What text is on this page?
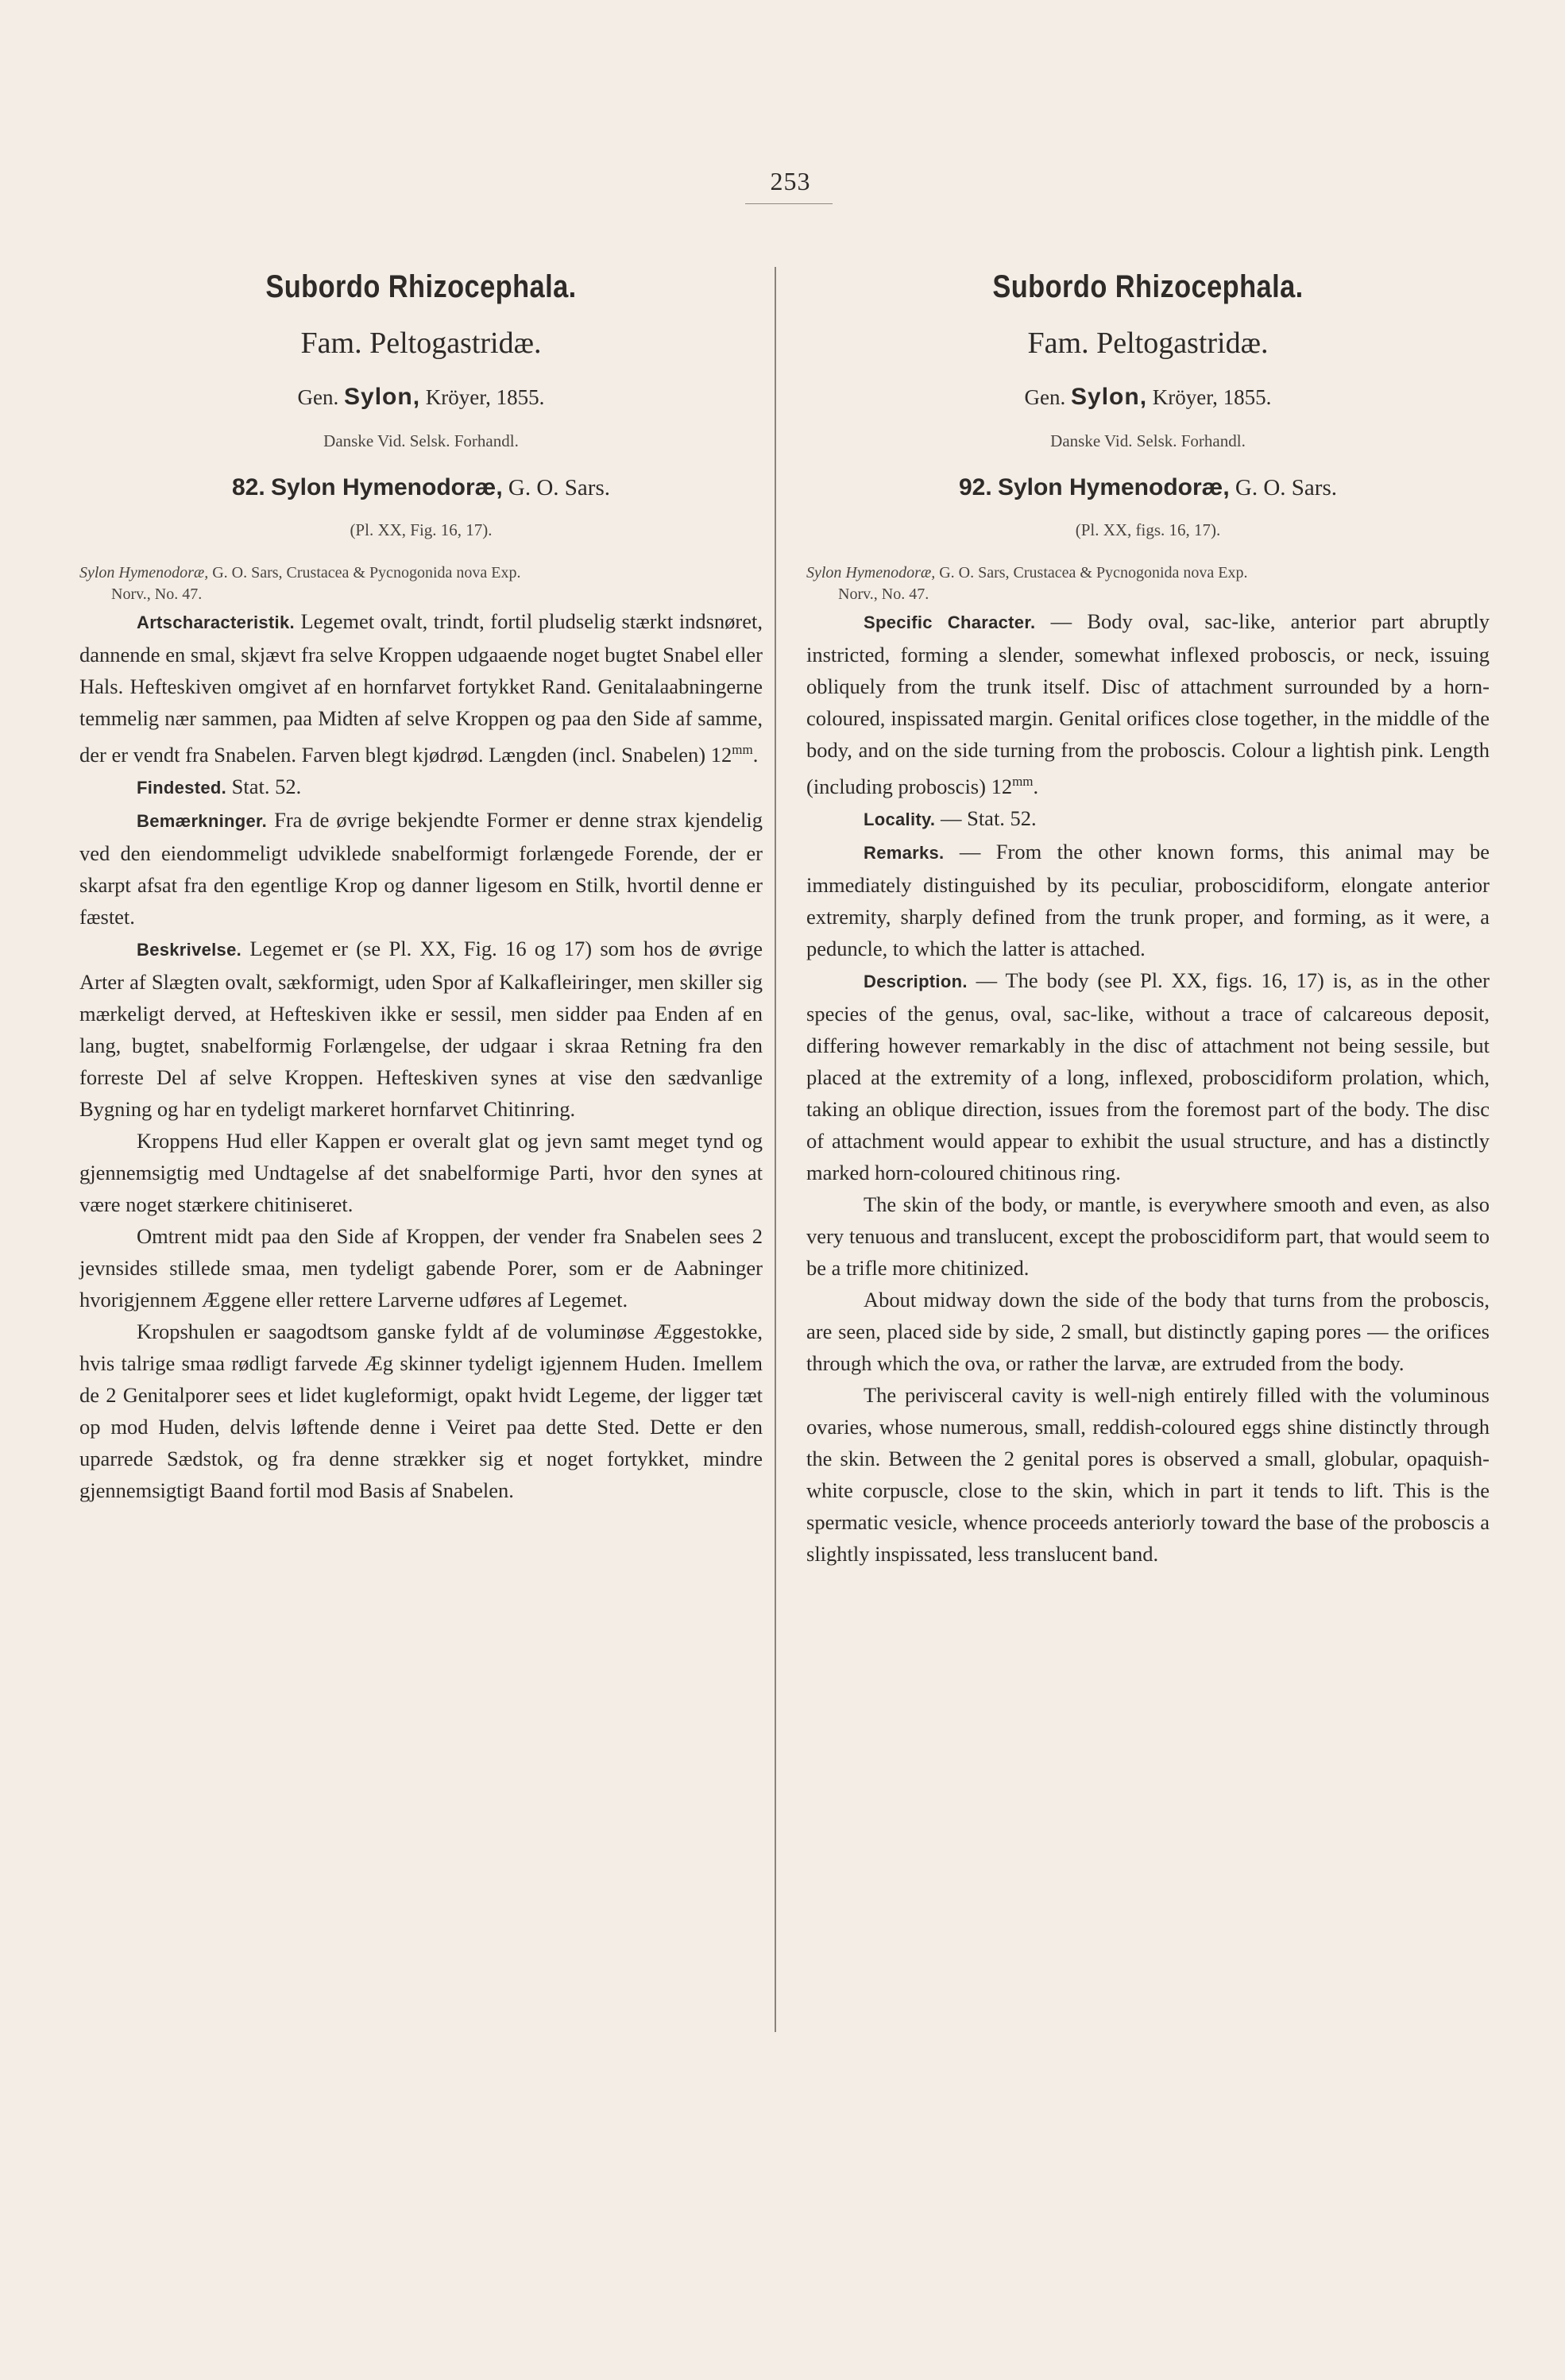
253
Subordo Rhizocephala.
Fam. Peltogastridæ.
Gen. Sylon, Kröyer, 1855.
Danske Vid. Selsk. Forhandl.
82. Sylon Hymenodoræ, G. O. Sars.
(Pl. XX, Fig. 16, 17).
Sylon Hymenodoræ, G. O. Sars, Crustacea & Pycnogonida nova Exp.
Norv., No. 47.

Artscharacteristik. Legemet ovalt, trindt, fortil pludselig stærkt indsnøret, dannende en smal, skjævt fra selve Kroppen udgaaende noget bugtet Snabel eller Hals. Hefteskiven omgivet af en hornfarvet fortykket Rand. Genitalaabningerne temmelig nær sammen, paa Midten af selve Kroppen og paa den Side af samme, der er vendt fra Snabelen. Farven blegt kjødrød. Længden (incl. Snabelen) $12^{mm}$.

Findested. Stat. 52.

Bemærkninger. Fra de øvrige bekjendte Former er denne strax kjendelig ved den eiendommeligt udviklede snabelformigt forlængede Forende, der er skarpt afsat fra den egentlige Krop og danner ligesom en Stilk, hvortil denne er fæstet.

Beskrivelse. Legemet er (se Pl. XX, Fig. 16 og 17) som hos de øvrige Arter af Slægten ovalt, sækformigt, uden Spor af Kalkafleiringer, men skiller sig mærkeligt derved, at Hefteskiven ikke er sessil, men sidder paa Enden af en lang, bugtet, snabelformig Forlængelse, der udgaar i skraa Retning fra den forreste Del af selve Kroppen. Hefteskiven synes at vise den sædvanlige Bygning og har en tydeligt markeret hornfarvet Chitinring.

Kroppens Hud eller Kappen er overalt glat og jevn samt meget tynd og gjennemsigtig med Undtagelse af det snabelformige Parti, hvor den synes at være noget stærkere chitiniseret.

Omtrent midt paa den Side af Kroppen, der vender fra Snabelen sees 2 jevnsides stillede smaa, men tydeligt gabende Porer, som er de Aabninger hvorigjennem Æggene eller rettere Larverne udføres af Legemet.

Kropshulen er saagodtsom ganske fyldt af de voluminøse Æggestokke, hvis talrige smaa rødligt farvede Æg skinner tydeligt igjennem Huden. Imellem de 2 Genitalporer sees et lidet kugleformigt, opakt hvidt Legeme, der ligger tæt op mod Huden, delvis løftende denne i Veiret paa dette Sted. Dette er den uparrede Sædstok, og fra denne strækker sig et noget fortykket, mindre gjennemsigtigt Baand fortil mod Basis af Snabelen.

Subordo Rhizocephala.
Fam. Peltogastridæ.
Gen. Sylon, Kröyer, 1855.
Danske Vid. Selsk. Forhandl.
92. Sylon Hymenodoræ, G. O. Sars.
(Pl. XX, figs. 16, 17).
Sylon Hymenodoræ, G. O. Sars, Crustacea & Pycnogonida nova Exp.
Norv., No. 47.

Specific Character. — Body oval, sac-like, anterior part abruptly instricted, forming a slender, somewhat inflexed proboscis, or neck, issuing obliquely from the trunk itself. Disc of attachment surrounded by a horn-coloured, inspissated margin. Genital orifices close together, in the middle of the body, and on the side turning from the proboscis. Colour a lightish pink. Length (including proboscis) $12^{mm}$.

Locality. — Stat. 52.

Remarks. — From the other known forms, this animal may be immediately distinguished by its peculiar, proboscidiform, elongate anterior extremity, sharply defined from the trunk proper, and forming, as it were, a peduncle, to which the latter is attached.

Description. — The body (see Pl. XX, figs. 16, 17) is, as in the other species of the genus, oval, sac-like, without a trace of calcareous deposit, differing however remarkably in the disc of attachment not being sessile, but placed at the extremity of a long, inflexed, proboscidiform prolation, which, taking an oblique direction, issues from the foremost part of the body. The disc of attachment would appear to exhibit the usual structure, and has a distinctly marked horn-coloured chitinous ring.

The skin of the body, or mantle, is everywhere smooth and even, as also very tenuous and translucent, except the proboscidiform part, that would seem to be a trifle more chitinized.

About midway down the side of the body that turns from the proboscis, are seen, placed side by side, 2 small, but distinctly gaping pores — the orifices through which the ova, or rather the larvæ, are extruded from the body.

The perivisceral cavity is well-nigh entirely filled with the voluminous ovaries, whose numerous, small, reddish-coloured eggs shine distinctly through the skin. Between the 2 genital pores is observed a small, globular, opaquish-white corpuscle, close to the skin, which in part it tends to lift. This is the spermatic vesicle, whence proceeds anteriorly toward the base of the proboscis a slightly inspissated, less translucent band.
